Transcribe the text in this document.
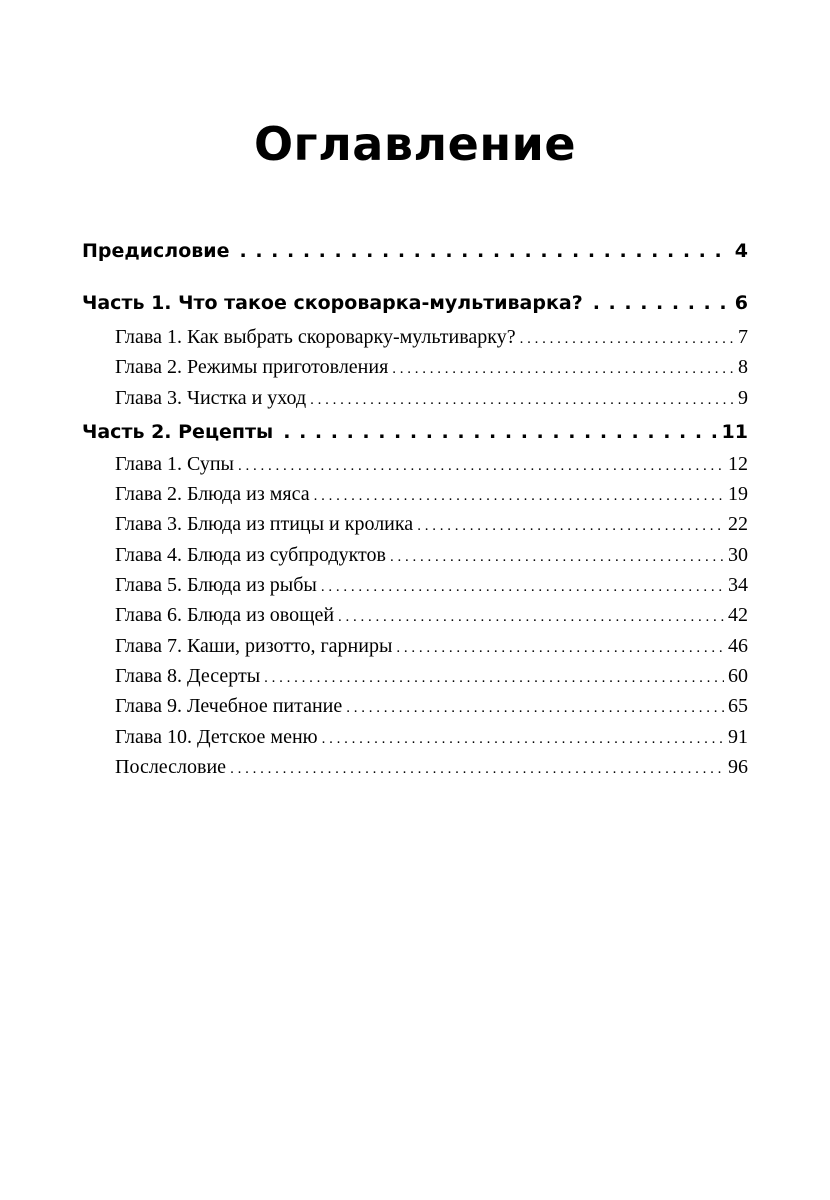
Оглавление
Предисловие . . .	4
Часть 1. Что такое скороварка-мультиварка? . . .	6
Глава 1. Как выбрать скороварку-мультиварку? . . .	7
Глава 2. Режимы приготовления . . .	8
Глава 3. Чистка и уход . . .	9
Часть 2. Рецепты . . .	11
Глава 1. Супы . . .	12
Глава 2. Блюда из мяса . . .	19
Глава 3. Блюда из птицы и кролика . . .	22
Глава 4. Блюда из субпродуктов . . .	30
Глава 5. Блюда из рыбы . . .	34
Глава 6. Блюда из овощей . . .	42
Глава 7. Каши, ризотто, гарниры . . .	46
Глава 8. Десерты . . .	60
Глава 9. Лечебное питание . . .	65
Глава 10. Детское меню . . .	91
Послесловие . . .	96
